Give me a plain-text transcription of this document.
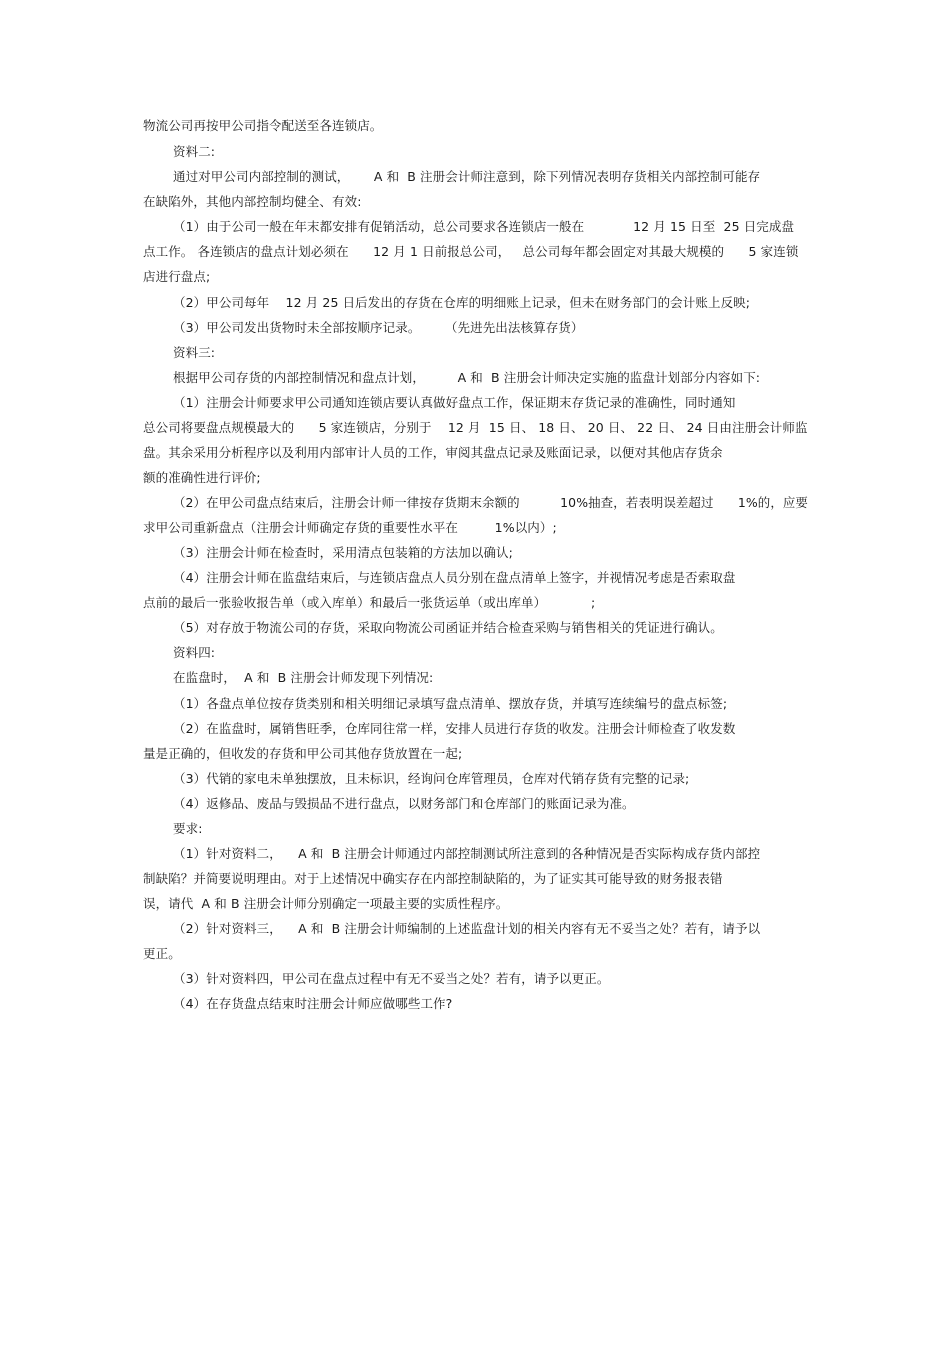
物流公司再按甲公司指令配送至各连锁店。
资料二:
通过对甲公司内部控制的测试，      A 和  B 注册会计师注意到，除下列情况表明存货相关内部控制可能存
在缺陷外，其他内部控制均健全、有效:
（1）由于公司一般在年末都安排有促销活动，总公司要求各连锁店一般在            12 月 15 日至  25 日完成盘
点工作。 各连锁店的盘点计划必须在      12 月 1 日前报总公司，   总公司每年都会固定对其最大规模的      5 家连锁
店进行盘点;
（2）甲公司每年    12 月 25 日后发出的存货在仓库的明细账上记录，但未在财务部门的会计账上反映;
（3）甲公司发出货物时未全部按顺序记录。      （先进先出法核算存货）
资料三:
根据甲公司存货的内部控制情况和盘点计划，        A 和  B 注册会计师决定实施的监盘计划部分内容如下:
（1）注册会计师要求甲公司通知连锁店要认真做好盘点工作，保证期末存货记录的准确性，同时通知
总公司将要盘点规模最大的      5 家连锁店，分别于    12 月  15 日、 18 日、 20 日、 22 日、 24 日由注册会计师监
盘。其余采用分析程序以及利用内部审计人员的工作，审阅其盘点记录及账面记录，以便对其他店存货余
额的准确性进行评价;
（2）在甲公司盘点结束后，注册会计师一律按存货期末余额的          10%抽查，若表明误差超过      1%的，应要
求甲公司重新盘点（注册会计师确定存货的重要性水平在         1%以内）;
（3）注册会计师在检查时，采用清点包装箱的方法加以确认;
（4）注册会计师在监盘结束后，与连锁店盘点人员分别在盘点清单上签字，并视情况考虑是否索取盘
点前的最后一张验收报告单（或入库单）和最后一张货运单（或出库单）           ;
（5）对存放于物流公司的存货，采取向物流公司函证并结合检查采购与销售相关的凭证进行确认。
资料四:
在监盘时，  A 和  B 注册会计师发现下列情况:
（1）各盘点单位按存货类别和相关明细记录填写盘点清单、摆放存货，并填写连续编号的盘点标签;
（2）在监盘时，属销售旺季，仓库同往常一样，安排人员进行存货的收发。注册会计师检查了收发数
量是正确的，但收发的存货和甲公司其他存货放置在一起;
（3）代销的家电未单独摆放，且未标识，经询问仓库管理员，仓库对代销存货有完整的记录;
（4）返修品、废品与毁损品不进行盘点，以财务部门和仓库部门的账面记录为准。
要求:
（1）针对资料二，    A 和  B 注册会计师通过内部控制测试所注意到的各种情况是否实际构成存货内部控
制缺陷？并简要说明理由。对于上述情况中确实存在内部控制缺陷的，为了证实其可能导致的财务报表错
误，请代  A 和 B 注册会计师分别确定一项最主要的实质性程序。
（2）针对资料三，    A 和  B 注册会计师编制的上述监盘计划的相关内容有无不妥当之处？若有，请予以
更正。
（3）针对资料四，甲公司在盘点过程中有无不妥当之处？若有，请予以更正。
（4）在存货盘点结束时注册会计师应做哪些工作?
